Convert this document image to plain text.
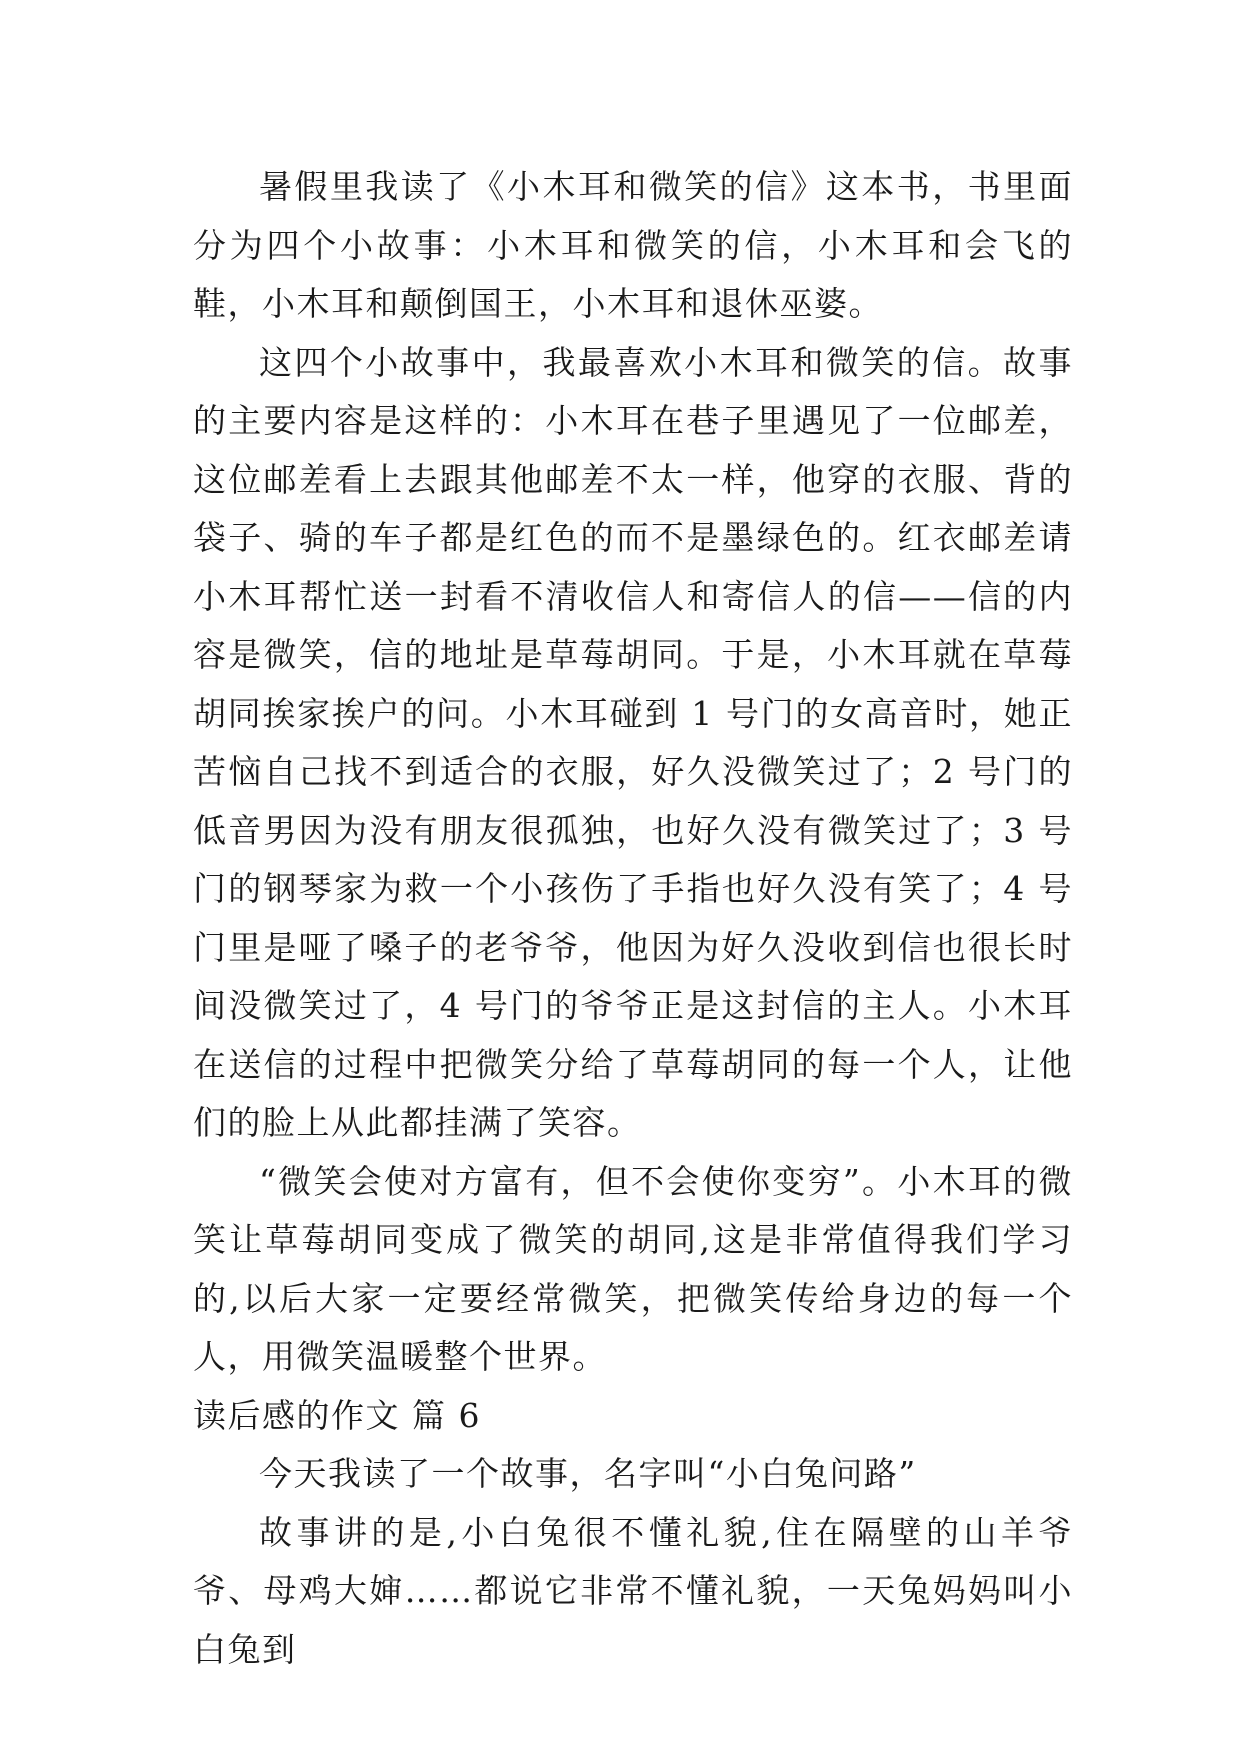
暑假里我读了《小木耳和微笑的信》这本书，书里面分为四个小故事：小木耳和微笑的信，小木耳和会飞的鞋，小木耳和颠倒国王，小木耳和退休巫婆。

这四个小故事中，我最喜欢小木耳和微笑的信。故事的主要内容是这样的：小木耳在巷子里遇见了一位邮差，这位邮差看上去跟其他邮差不太一样，他穿的衣服、背的袋子、骑的车子都是红色的而不是墨绿色的。红衣邮差请小木耳帮忙送一封看不清收信人和寄信人的信——信的内容是微笑，信的地址是草莓胡同。于是，小木耳就在草莓胡同挨家挨户的问。小木耳碰到 1 号门的女高音时，她正苦恼自己找不到适合的衣服，好久没微笑过了；2 号门的低音男因为没有朋友很孤独，也好久没有微笑过了；3 号门的钢琴家为救一个小孩伤了手指也好久没有笑了；4 号门里是哑了嗓子的老爷爷，他因为好久没收到信也很长时间没微笑过了，4 号门的爷爷正是这封信的主人。小木耳在送信的过程中把微笑分给了草莓胡同的每一个人，让他们的脸上从此都挂满了笑容。

“微笑会使对方富有，但不会使你变穷”。小木耳的微笑让草莓胡同变成了微笑的胡同,这是非常值得我们学习的,以后大家一定要经常微笑，把微笑传给身边的每一个人，用微笑温暖整个世界。

读后感的作文 篇 6

今天我读了一个故事，名字叫“小白兔问路”

故事讲的是,小白兔很不懂礼貌,住在隔壁的山羊爷爷、母鸡大婶……都说它非常不懂礼貌，一天兔妈妈叫小白兔到
